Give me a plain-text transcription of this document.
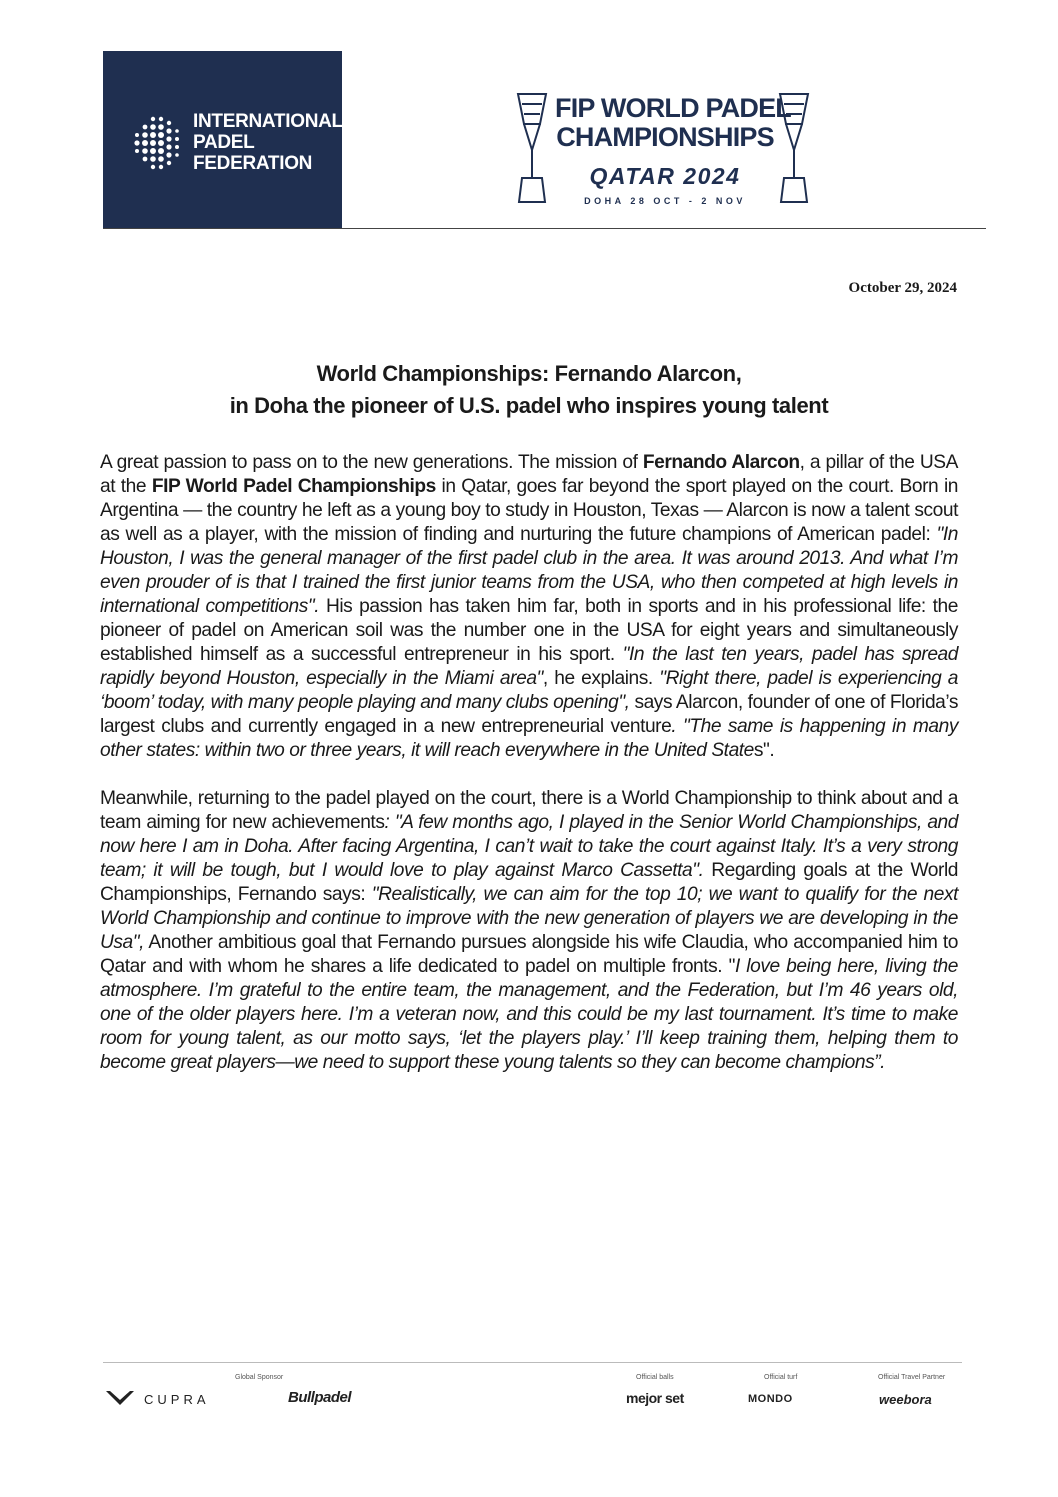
INTERNATIONAL
PADEL
FEDERATION
FIP WORLD PADEL
CHAMPIONSHIPS
QATAR 2024
DOHA 28 OCT - 2 NOV
October 29, 2024
World Championships: Fernando Alarcon,
in Doha the pioneer of U.S. padel who inspires young talent

A great passion to pass on to the new generations. The mission of Fernando Alarcon, a pillar of the USA at the FIP World Padel Championships in Qatar, goes far beyond the sport played on the court. Born in Argentina — the country he left as a young boy to study in Houston, Texas — Alarcon is now a talent scout as well as a player, with the mission of finding and nurturing the future champions of American padel: "In Houston, I was the general manager of the first padel club in the area. It was around 2013. And what I’m even prouder of is that I trained the first junior teams from the USA, who then competed at high levels in international competitions". His passion has taken him far, both in sports and in his professional life: the pioneer of padel on American soil was the number one in the USA for eight years and simultaneously established himself as a successful entrepreneur in his sport. "In the last ten years, padel has spread rapidly beyond Houston, especially in the Miami area", he explains. "Right there, padel is experiencing a ‘boom’ today, with many people playing and many clubs opening", says Alarcon, founder of one of Florida’s largest clubs and currently engaged in a new entrepreneurial venture. "The same is happening in many other states: within two or three years, it will reach everywhere in the United States".

Meanwhile, returning to the padel played on the court, there is a World Championship to think about and a team aiming for new achievements: "A few months ago, I played in the Senior World Championships, and now here I am in Doha. After facing Argentina, I can’t wait to take the court against Italy. It’s a very strong team; it will be tough, but I would love to play against Marco Cassetta". Regarding goals at the World Championships, Fernando says: "Realistically, we can aim for the top 10; we want to qualify for the next World Championship and continue to improve with the new generation of players we are developing in the Usa", Another ambitious goal that Fernando pursues alongside his wife Claudia, who accompanied him to Qatar and with whom he shares a life dedicated to padel on multiple fronts. "I love being here, living the atmosphere. I’m grateful to the entire team, the management, and the Federation, but I’m 46 years old, one of the older players here. I’m a veteran now, and this could be my last tournament. It’s time to make room for young talent, as our motto says, ‘let the players play.’ I’ll keep training them, helping them to become great players—we need to support these young talents so they can become champions”.

Global Sponsor	Official balls	Official turf	Official Travel Partner
CUPRA	Bullpadel	mejor set	MONDO	weebora
